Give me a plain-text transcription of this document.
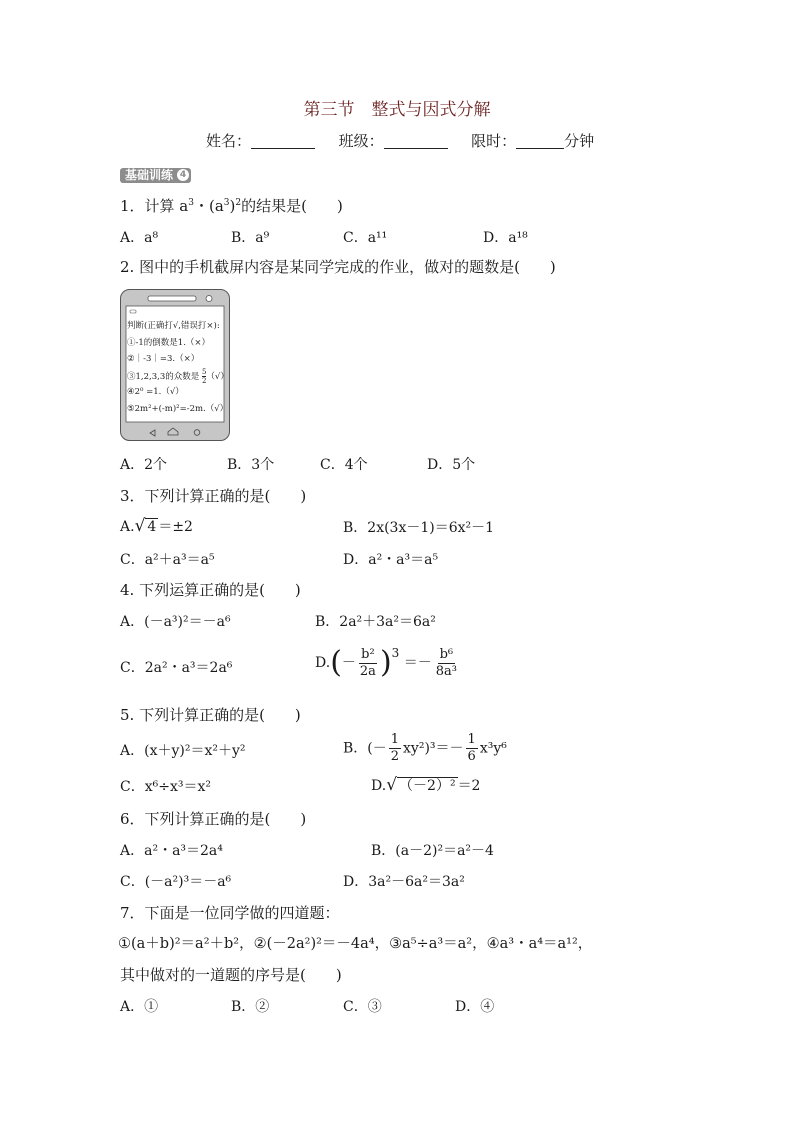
第三节　整式与因式分解
姓名：	班级：	限时：	分钟
基础训练 4
1．计算 $a^3$・$(a^3)^2$的结果是(　　)
A．a⁸	B．a⁹	C．a¹¹	D．a¹⁸
2. 图中的手机截屏内容是某同学完成的作业，做对的题数是(　　)
判断(正确打√,错误打×):
①-1的倒数是1.（×）
②｜-3｜=3.（×）
③1,2,3,3的众数是 $\frac{5}{2}$ （√）
④2⁰ =1.（√）
⑤2m²+(-m)²=-2m.（√）
A．2个	B．3个	C．4个	D．5个
3．下列计算正确的是(　　)
A.√ 4 ＝±2	B．2x(3x－1)＝6x²－1
C．a²＋a³＝a⁵	D．a²・a³＝a⁵
4. 下列运算正确的是(　　)
A．(－a³)²＝－a⁶	B．2a²＋3a²＝6a²
C．2a²・a³＝2a⁶	$D.(- \frac{\text{b²}}{2a} )3 =- \frac{\text{b⁶}}{\text{8a³}}$
5. 下列计算正确的是(　　)
A．(x＋y)²＝x²＋y²	B．(－ $\frac{1}{2} xy^2)^3=- \frac{1}{6} x^3y^6$
C．x⁶÷x³＝x²	D.√ （－2）² ＝2
6．下列计算正确的是(　　)
A．a²・a³＝2a⁴	B．(a－2)²＝a²－4
C．(－a²)³＝－a⁶	D．3a²－6a²＝3a²
7．下面是一位同学做的四道题：
①(a＋b)²＝a²＋b²，②(－2a²)²＝－4a⁴，③a⁵÷a³＝a²，④a³・a⁴＝a¹²，
其中做对的一道题的序号是(　　)
A．①	B．②	C．③	D．④
